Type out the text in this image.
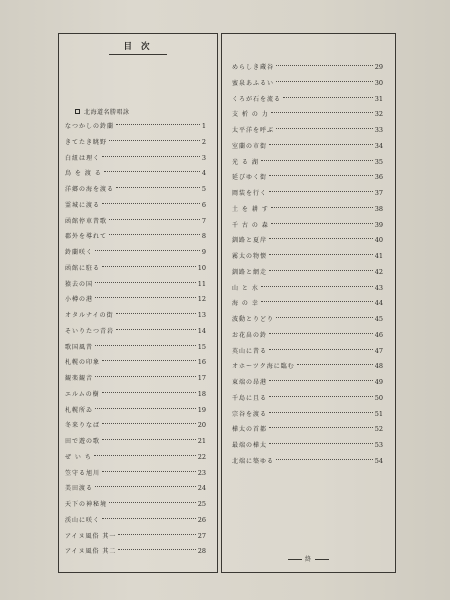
目 次
北海道名勝唱詠
なつかしの鈴蘭	1
きてたき眺野	2
白紐は理く	3
鳥 を 渡 る	4
洋郷の海を渡る	5
霊城に渡る	6
函館停車昔歌	7
郡外を導れて	8
鈴蘭咲く	9
函館に駐る	10
猿去の国	11
小樽の港	12
オタルナイの街	13
そいりたつ青岩	14
歌国風昔	15
札幌の印象	16
観楽観音	17
エルムの樹	18
札幌所ゐ	19
冬来りなば	20
田で遊の歌	21
ぜ い ち	22
笠守る旭川	23
美田渡る	24
天下の神秘境	25
渓山に咲く	26
アイヌ風俗 其一	27
アイヌ風俗 其二	28
めらしき蔵谷	29
蜜泉あふるい	30
くろが石を流る	31
支 析 の 力	32
太平洋を呼ぶ	33
室蘭の市街	34
光 る 湖	35
延びゆく街	36
岡装を行く	37
土 を 耕 す	38
千 古 の 森	39
釧路と夏岸	40
霧太の物懐	41
釧路と網走	42
山 と 水	43
海 の 幸	44
波動とりどり	45
お花畠の鈴	46
英山に昔る	47
オホーツク海に臨む	48
東端の昂港	49
千島に且る	50
宗谷を渡る	51
樺太の首都	52
最端の樺太	53
北端に築ゆる	54
終
